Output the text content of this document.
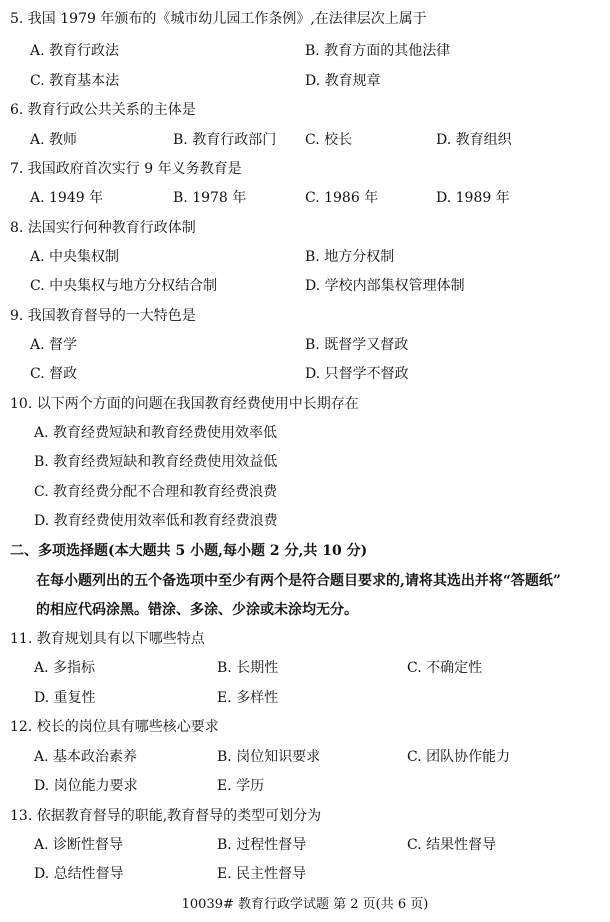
5. 我国 1979 年颁布的《城市幼儿园工作条例》,在法律层次上属于
A. 教育行政法	B. 教育方面的其他法律
C. 教育基本法	D. 教育规章
6. 教育行政公共关系的主体是
A. 教师	B. 教育行政部门 C. 校长	D. 教育组织
7. 我国政府首次实行 9 年义务教育是
A. 1949 年	B. 1978 年	C. 1986 年	D. 1989 年
8. 法国实行何种教育行政体制
A. 中央集权制	B. 地方分权制
C. 中央集权与地方分权结合制	D. 学校内部集权管理体制
9. 我国教育督导的一大特色是
A. 督学	B. 既督学又督政
C. 督政	D. 只督学不督政
10. 以下两个方面的问题在我国教育经费使用中长期存在
A. 教育经费短缺和教育经费使用效率低
B. 教育经费短缺和教育经费使用效益低
C. 教育经费分配不合理和教育经费浪费
D. 教育经费使用效率低和教育经费浪费
二、多项选择题(本大题共 5 小题,每小题 2 分,共 10 分)
在每小题列出的五个备选项中至少有两个是符合题目要求的,请将其选出并将“答题纸”
的相应代码涂黑。错涂、多涂、少涂或未涂均无分。
11. 教育规划具有以下哪些特点
A. 多指标	B. 长期性	C. 不确定性
D. 重复性	E. 多样性
12. 校长的岗位具有哪些核心要求
A. 基本政治素养	B. 岗位知识要求	C. 团队协作能力
D. 岗位能力要求	E. 学历
13. 依据教育督导的职能,教育督导的类型可划分为
A. 诊断性督导	B. 过程性督导	C. 结果性督导
D. 总结性督导	E. 民主性督导
10039# 教育行政学试题 第 2 页(共 6 页)
